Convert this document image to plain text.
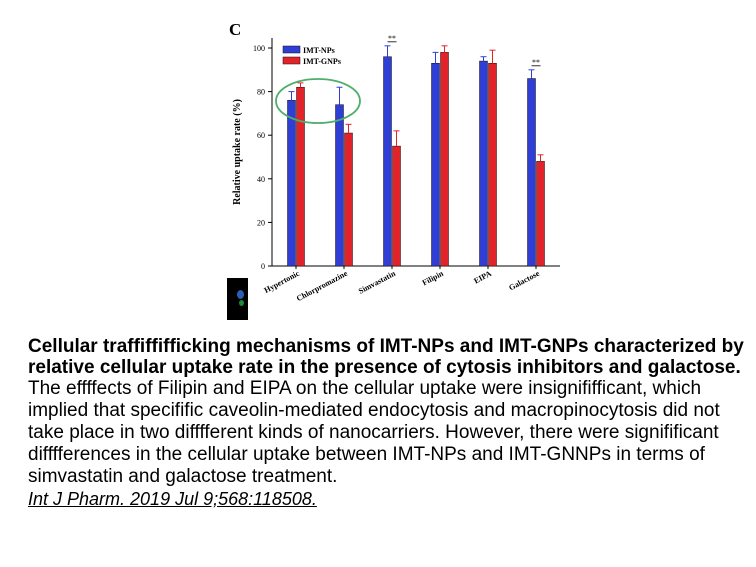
C
Relative uptake rate (%)
0
20
40
60
80
100
Hypertonic
Chlorpromazine Simvastatin	Filipin	EIPA Galactose
**
**
IMT-NPs
IMT-GNPs

Cellular traffiffifficking mechanisms of IMT-NPs and IMT-GNPs characterized by relative cellular uptake rate in the presence of cytosis inhibitors and galactose.

The effffects of Filipin and EIPA on the cellular uptake were insignififficant, which implied that specifific caveolin-mediated endocytosis and macropinocytosis did not take place in two difffferent kinds of nanocarriers. However, there were signifificant difffferences in the cellular uptake between IMT-NPs and IMT-GNNPs in terms of simvastatin and galactose treatment.

Int J Pharm. 2019 Jul 9;568:118508.
